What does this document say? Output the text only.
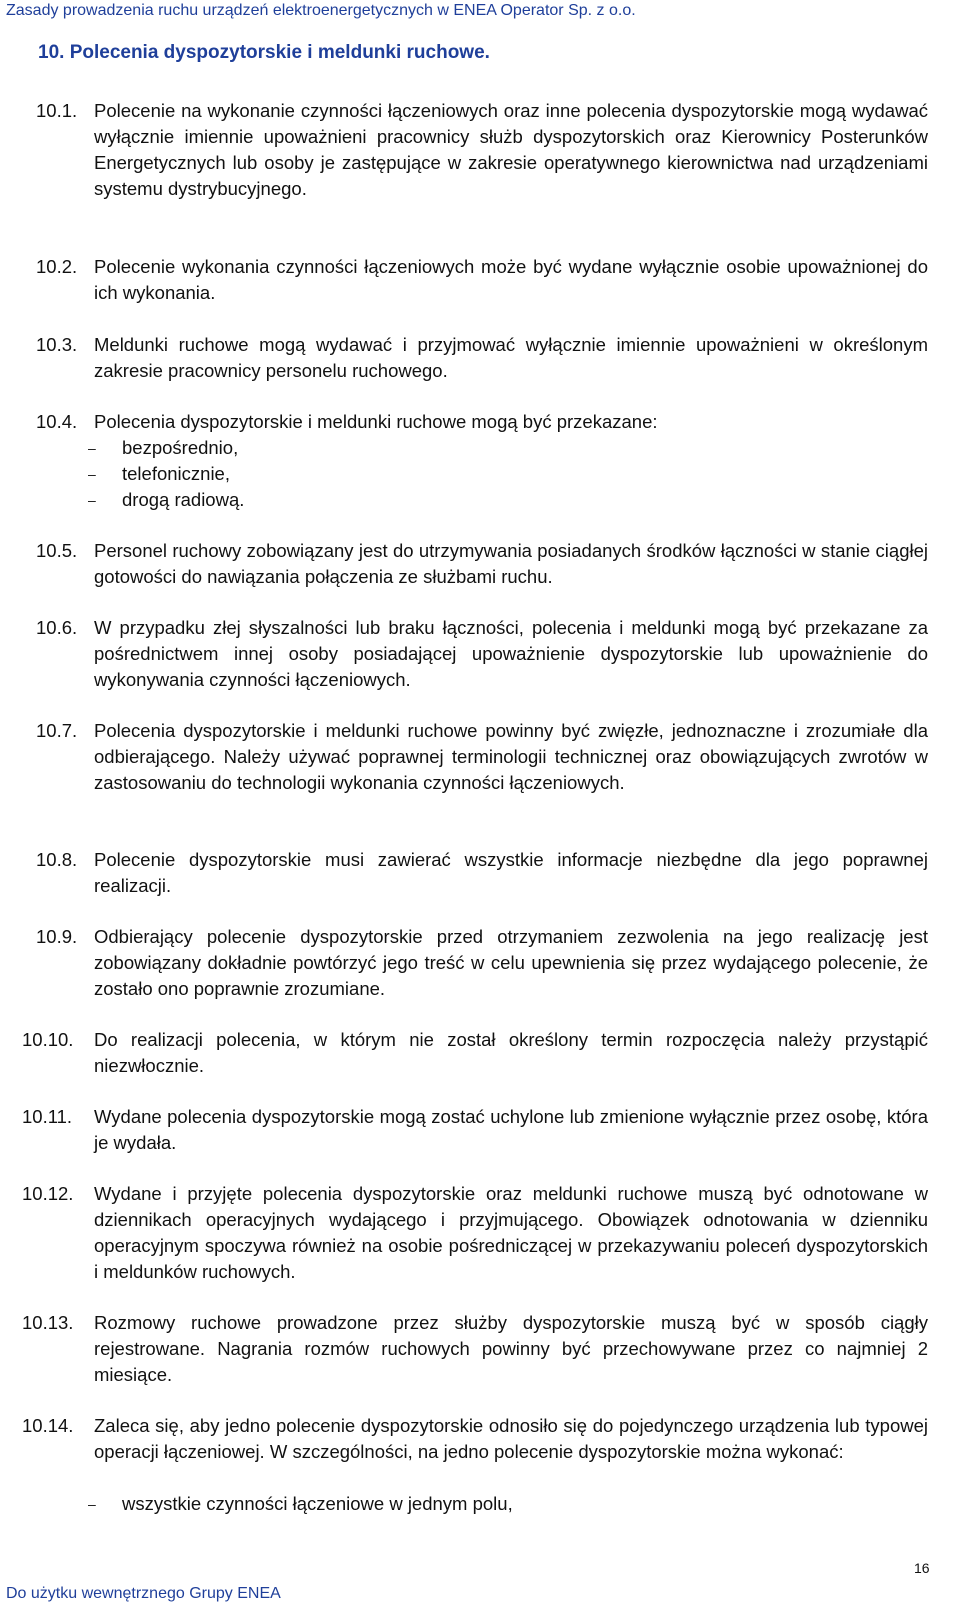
Zasady prowadzenia ruchu urządzeń elektroenergetycznych w ENEA Operator Sp. z o.o.
10. Polecenia dyspozytorskie i meldunki ruchowe.
10.1. Polecenie na wykonanie czynności łączeniowych oraz inne polecenia dyspozytorskie mogą wydawać wyłącznie imiennie upoważnieni pracownicy służb dyspozytorskich oraz Kierownicy Posterunków Energetycznych lub osoby je zastępujące w zakresie operatywnego kierownictwa nad urządzeniami systemu dystrybucyjnego.
10.2. Polecenie wykonania czynności łączeniowych może być wydane wyłącznie osobie upoważnionej do ich wykonania.
10.3. Meldunki ruchowe mogą wydawać i przyjmować wyłącznie imiennie upoważnieni w określonym zakresie pracownicy personelu ruchowego.
10.4. Polecenia dyspozytorskie i meldunki ruchowe mogą być przekazane:
– bezpośrednio,
– telefonicznie,
– drogą radiową.
10.5. Personel ruchowy zobowiązany jest do utrzymywania posiadanych środków łączności w stanie ciągłej gotowości do nawiązania połączenia ze służbami ruchu.
10.6. W przypadku złej słyszalności lub braku łączności, polecenia i meldunki mogą być przekazane za pośrednictwem innej osoby posiadającej upoważnienie dyspozytorskie lub upoważnienie do wykonywania czynności łączeniowych.
10.7. Polecenia dyspozytorskie i meldunki ruchowe powinny być zwięzłe, jednoznaczne i zrozumiałe dla odbierającego. Należy używać poprawnej terminologii technicznej oraz obowiązujących zwrotów w zastosowaniu do technologii wykonania czynności łączeniowych.
10.8. Polecenie dyspozytorskie musi zawierać wszystkie informacje niezbędne dla jego poprawnej realizacji.
10.9. Odbierający polecenie dyspozytorskie przed otrzymaniem zezwolenia na jego realizację jest zobowiązany dokładnie powtórzyć jego treść w celu upewnienia się przez wydającego polecenie, że zostało ono poprawnie zrozumiane.
10.10. Do realizacji polecenia, w którym nie został określony termin rozpoczęcia należy przystąpić niezwłocznie.
10.11. Wydane polecenia dyspozytorskie mogą zostać uchylone lub zmienione wyłącznie przez osobę, która je wydała.
10.12. Wydane i przyjęte polecenia dyspozytorskie oraz meldunki ruchowe muszą być odnotowane w dziennikach operacyjnych wydającego i przyjmującego. Obowiązek odnotowania w dzienniku operacyjnym spoczywa również na osobie pośredniczącej w przekazywaniu poleceń dyspozytorskich i meldunków ruchowych.
10.13. Rozmowy ruchowe prowadzone przez służby dyspozytorskie muszą być w sposób ciągły rejestrowane. Nagrania rozmów ruchowych powinny być przechowywane przez co najmniej 2 miesiące.
10.14. Zaleca się, aby jedno polecenie dyspozytorskie odnosiło się do pojedynczego urządzenia lub typowej operacji łączeniowej. W szczególności, na jedno polecenie dyspozytorskie można wykonać:
– wszystkie czynności łączeniowe w jednym polu,
16
Do użytku wewnętrznego Grupy ENEA
